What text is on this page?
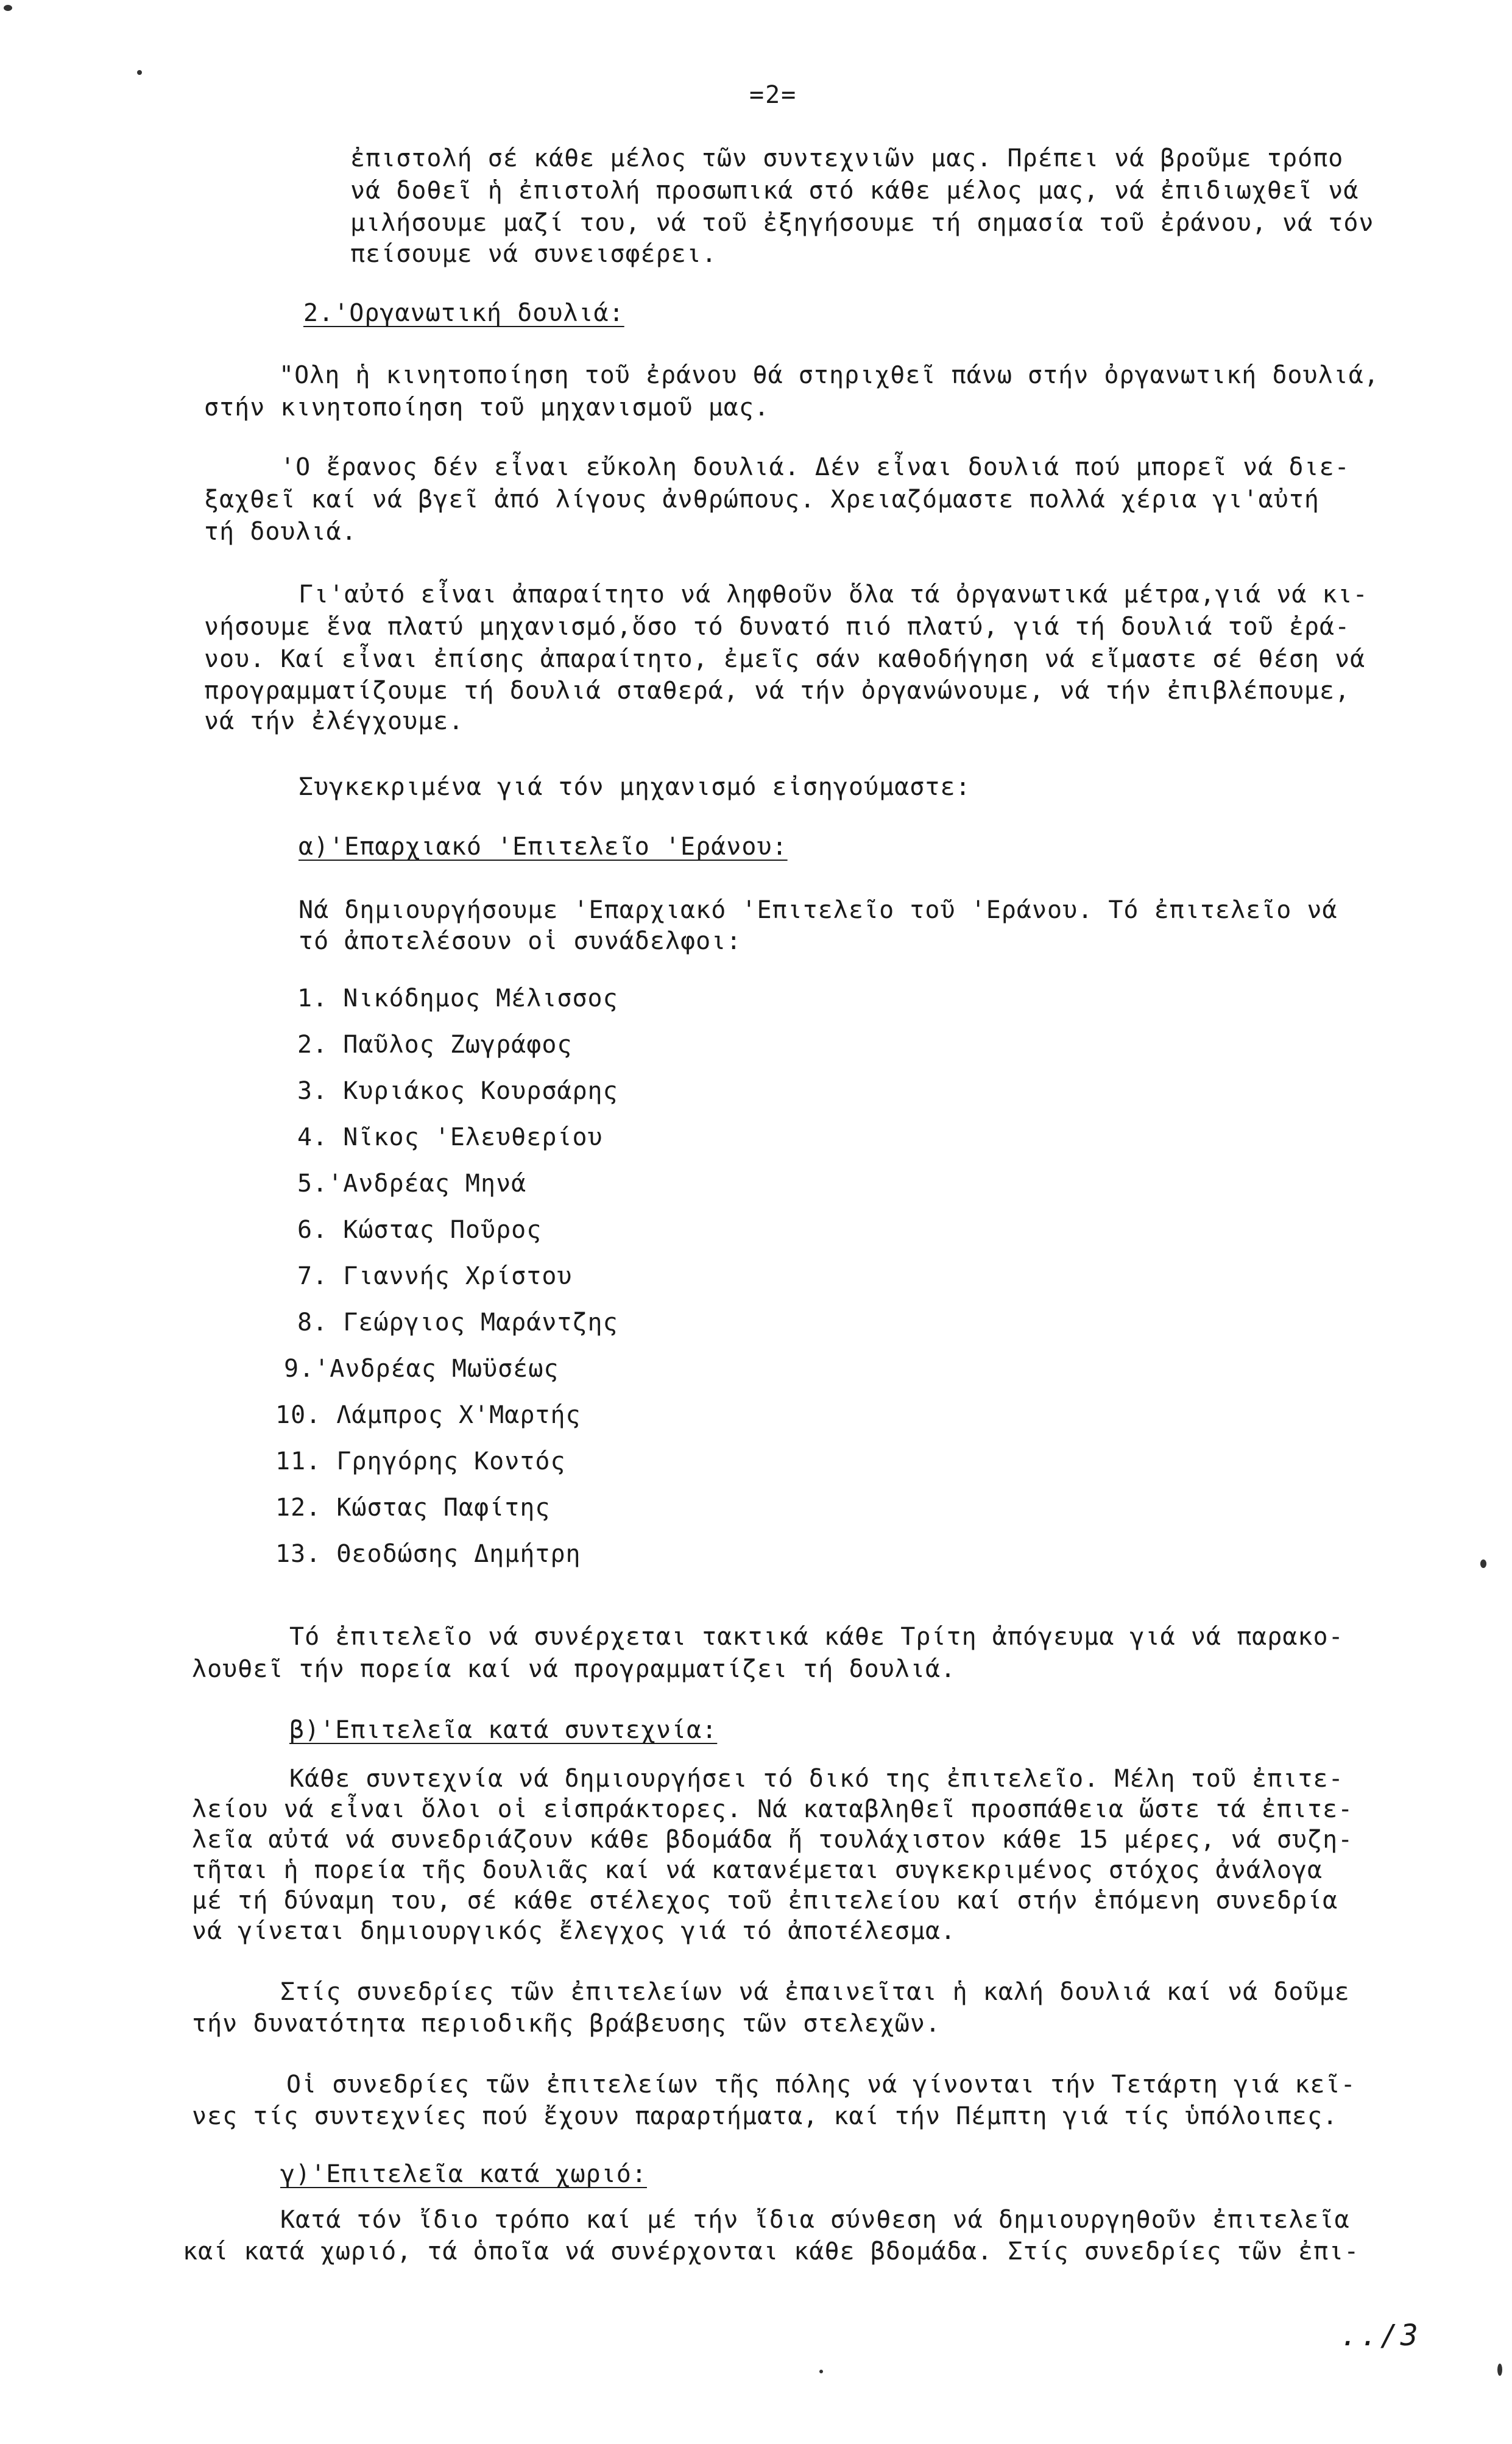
=2=
ἐπιστολή σέ κάθε μέλος τῶν συντεχνιῶν μας. Πρέπει νά βροῦμε τρόπο
νά δοθεῖ ἡ ἐπιστολή προσωπικά στό κάθε μέλος μας, νά ἐπιδιωχθεῖ νά
μιλήσουμε μαζί του, νά τοῦ ἐξηγήσουμε τή σημασία τοῦ ἐράνου, νά τόν
πείσουμε νά συνεισφέρει.
2.'Οργανωτική δουλιά:
"Ολη ἡ κινητοποίηση τοῦ ἐράνου θά στηριχθεῖ πάνω στήν ὀργανωτική δουλιά,
στήν κινητοποίηση τοῦ μηχανισμοῦ μας.
'Ο ἔρανος δέν εἶναι εὔκολη δουλιά. Δέν εἶναι δουλιά πού μπορεῖ νά διε-
ξαχθεῖ καί νά βγεῖ ἀπό λίγους ἀνθρώπους. Χρειαζόμαστε πολλά χέρια γι'αὐτή
τή δουλιά.
Γι'αὐτό εἶναι ἀπαραίτητο νά ληφθοῦν ὅλα τά ὀργανωτικά μέτρα,γιά νά κι-
νήσουμε ἕνα πλατύ μηχανισμό,ὅσο τό δυνατό πιό πλατύ, γιά τή δουλιά τοῦ ἐρά-
νου. Καί εἶναι ἐπίσης ἀπαραίτητο, ἐμεῖς σάν καθοδήγηση νά εἴμαστε σέ θέση νά
προγραμματίζουμε τή δουλιά σταθερά, νά τήν ὀργανώνουμε, νά τήν ἐπιβλέπουμε,
νά τήν ἐλέγχουμε.
Συγκεκριμένα γιά τόν μηχανισμό εἰσηγούμαστε:
α)'Επαρχιακό 'Επιτελεῖο 'Εράνου:
Νά δημιουργήσουμε 'Επαρχιακό 'Επιτελεῖο τοῦ 'Εράνου. Τό ἐπιτελεῖο νά
τό ἀποτελέσουν οἱ συνάδελφοι:
1. Νικόδημος Μέλισσος
2. Παῦλος Ζωγράφος
3. Κυριάκος Κουρσάρης
4. Νῖκος 'Ελευθερίου
5.'Ανδρέας Μηνά
6. Κώστας Ποῦρος
7. Γιαννής Χρίστου
8. Γεώργιος Μαράντζης
9.'Ανδρέας Μωϋσέως
10. Λάμπρος Χ'Μαρτής
11. Γρηγόρης Κοντός
12. Κώστας Παφίτης
13. Θεοδώσης Δημήτρη
Τό ἐπιτελεῖο νά συνέρχεται τακτικά κάθε Τρίτη ἀπόγευμα γιά νά παρακο-
λουθεῖ τήν πορεία καί νά προγραμματίζει τή δουλιά.
β)'Επιτελεῖα κατά συντεχνία:
Κάθε συντεχνία νά δημιουργήσει τό δικό της ἐπιτελεῖο. Μέλη τοῦ ἐπιτε-
λείου νά εἶναι ὅλοι οἱ εἰσπράκτορες. Νά καταβληθεῖ προσπάθεια ὥστε τά ἐπιτε-
λεῖα αὐτά νά συνεδριάζουν κάθε βδομάδα ἤ τουλάχιστον κάθε 15 μέρες, νά συζη-
τῆται ἡ πορεία τῆς δουλιᾶς καί νά κατανέμεται συγκεκριμένος στόχος ἀνάλογα
μέ τή δύναμη του, σέ κάθε στέλεχος τοῦ ἐπιτελείου καί στήν ἑπόμενη συνεδρία
νά γίνεται δημιουργικός ἔλεγχος γιά τό ἀποτέλεσμα.
Στίς συνεδρίες τῶν ἐπιτελείων νά ἐπαινεῖται ἡ καλή δουλιά καί νά δοῦμε
τήν δυνατότητα περιοδικῆς βράβευσης τῶν στελεχῶν.
Οἱ συνεδρίες τῶν ἐπιτελείων τῆς πόλης νά γίνονται τήν Τετάρτη γιά κεῖ-
νες τίς συντεχνίες πού ἔχουν παραρτήματα, καί τήν Πέμπτη γιά τίς ὑπόλοιπες.
γ)'Επιτελεῖα κατά χωριό:
Κατά τόν ἴδιο τρόπο καί μέ τήν ἴδια σύνθεση νά δημιουργηθοῦν ἐπιτελεῖα
καί κατά χωριό, τά ὁποῖα νά συνέρχονται κάθε βδομάδα. Στίς συνεδρίες τῶν ἐπι-
../3
